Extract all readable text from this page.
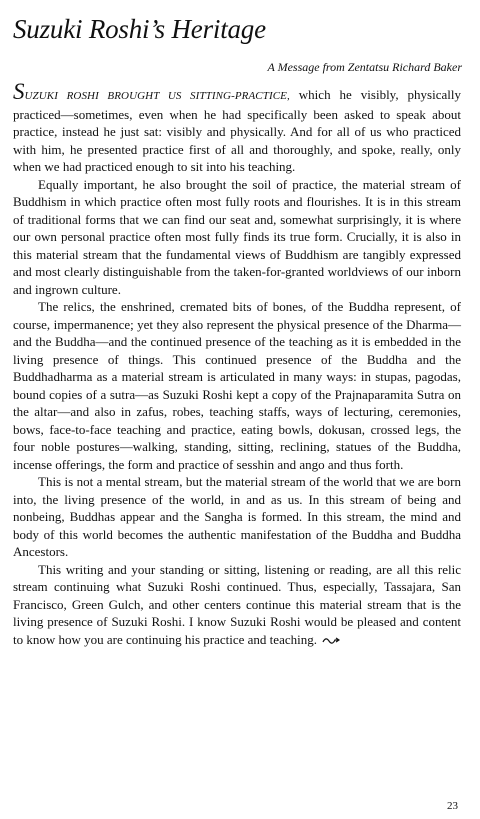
Suzuki Roshi’s Heritage

A Message from Zentatsu Richard Baker

SUZUKI ROSHI BROUGHT US SITTING-PRACTICE, which he visibly, physically practiced—sometimes, even when he had specifically been asked to speak about practice, instead he just sat: visibly and physically. And for all of us who practiced with him, he presented practice first of all and thoroughly, and spoke, really, only when we had practiced enough to sit into his teaching.

Equally important, he also brought the soil of practice, the material stream of Buddhism in which practice often most fully roots and flourishes. It is in this stream of traditional forms that we can find our seat and, somewhat surprisingly, it is where our own personal practice often most fully finds its true form. Crucially, it is also in this material stream that the fundamental views of Buddhism are tangibly expressed and most clearly distinguishable from the taken-for-granted worldviews of our inborn and ingrown culture.

The relics, the enshrined, cremated bits of bones, of the Buddha represent, of course, impermanence; yet they also represent the physical presence of the Dharma—and the Buddha—and the continued presence of the teaching as it is embedded in the living presence of things. This continued presence of the Buddha and the Buddhadharma as a material stream is articulated in many ways: in stupas, pagodas, bound copies of a sutra—as Suzuki Roshi kept a copy of the Prajnaparamita Sutra on the altar—and also in zafus, robes, teaching staffs, ways of lecturing, ceremonies, bows, face-to-face teaching and practice, eating bowls, dokusan, crossed legs, the four noble postures—walking, standing, sitting, reclining, statues of the Buddha, incense offerings, the form and practice of sesshin and ango and thus forth.

This is not a mental stream, but the material stream of the world that we are born into, the living presence of the world, in and as us. In this stream of being and nonbeing, Buddhas appear and the Sangha is formed. In this stream, the mind and body of this world becomes the authentic manifestation of the Buddha and Buddha Ancestors.

This writing and your standing or sitting, listening or reading, are all this relic stream continuing what Suzuki Roshi continued. Thus, especially, Tassajara, San Francisco, Green Gulch, and other centers continue this material stream that is the living presence of Suzuki Roshi. I know Suzuki Roshi would be pleased and content to know how you are continuing his practice and teaching.

23
